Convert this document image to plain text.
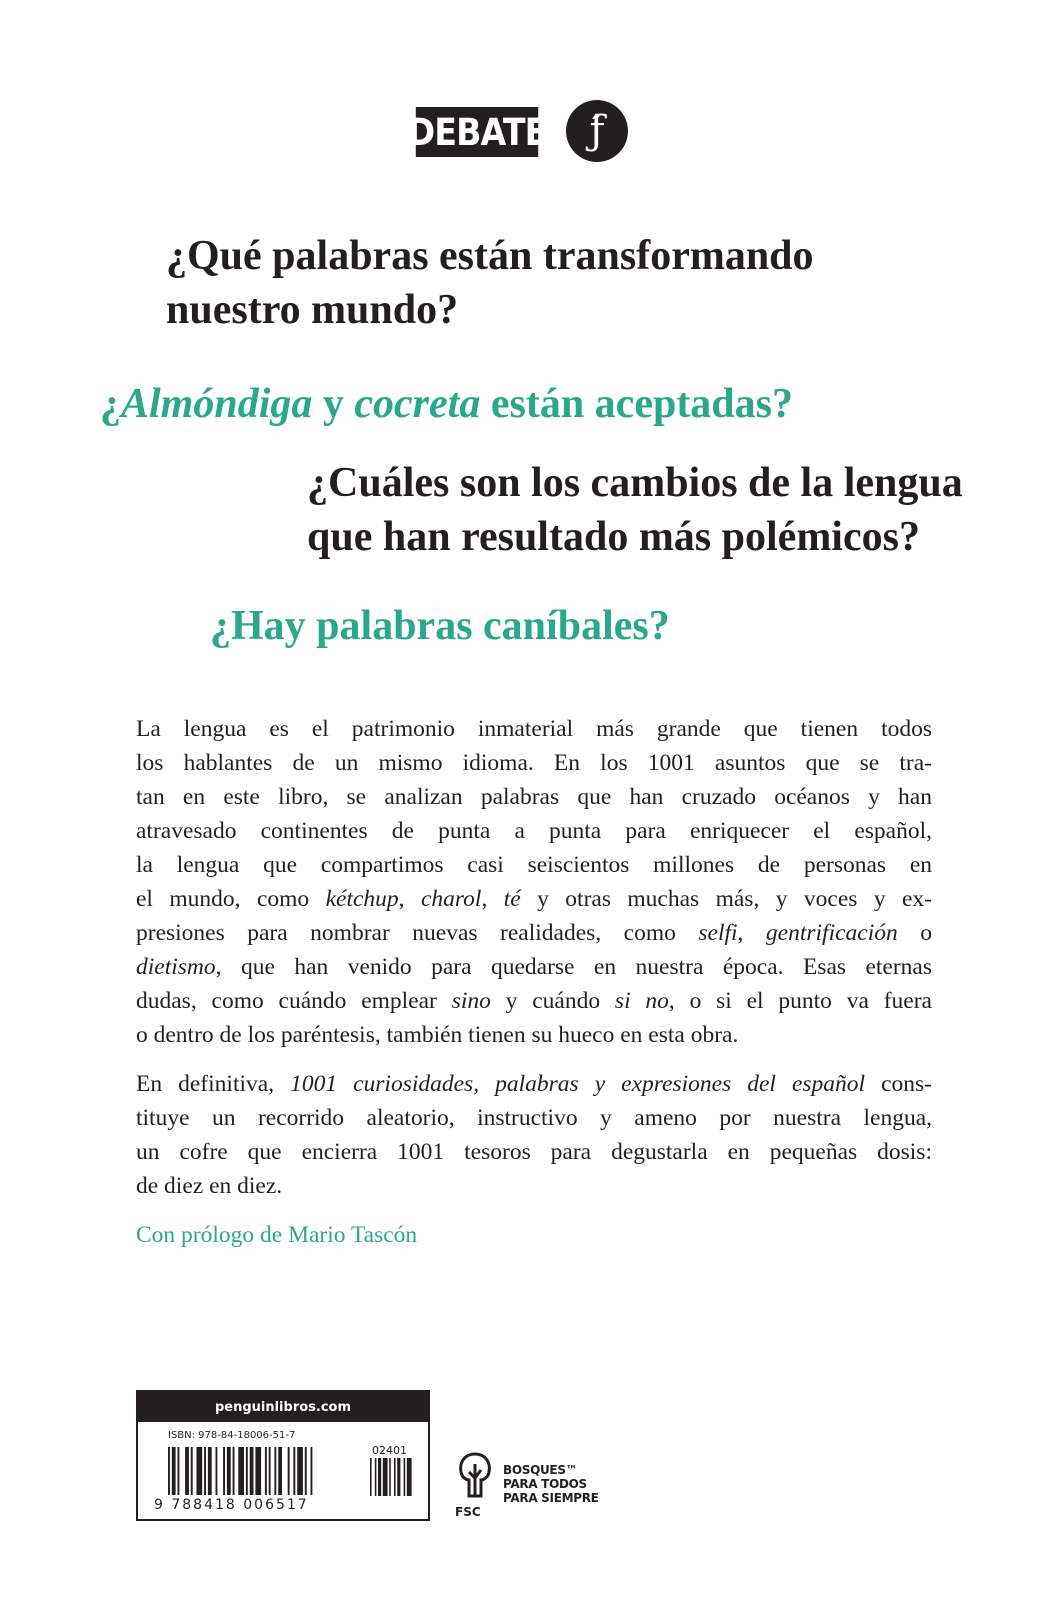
DEBATE	ƒ́
¿Qué palabras están transformando
nuestro mundo?
¿Almóndiga y cocreta están aceptadas?
¿Cuáles son los cambios de la lengua
que han resultado más polémicos?
¿Hay palabras caníbales?

La lengua es el patrimonio inmaterial más grande que tienen todos
los hablantes de un mismo idioma. En los 1001 asuntos que se tra-
tan en este libro, se analizan palabras que han cruzado océanos y han
atravesado continentes de punta a punta para enriquecer el español,
la lengua que compartimos casi seiscientos millones de personas en
el mundo, como kétchup, charol, té y otras muchas más, y voces y ex-
presiones para nombrar nuevas realidades, como selfi, gentrificación o
dietismo, que han venido para quedarse en nuestra época. Esas eternas
dudas, como cuándo emplear sino y cuándo si no, o si el punto va fuera
o dentro de los paréntesis, también tienen su hueco en esta obra.

En definitiva, 1001 curiosidades, palabras y expresiones del español cons-
tituye un recorrido aleatorio, instructivo y ameno por nuestra lengua,
un cofre que encierra 1001 tesoros para degustarla en pequeñas dosis:
de diez en diez.

Con prólogo de Mario Tascón

penguinlibros.com
ISBN: 978-84-18006-51-7
02401
9 788418 006517	FSC
BOSQUES™
PARA TODOS
PARA SIEMPRE
